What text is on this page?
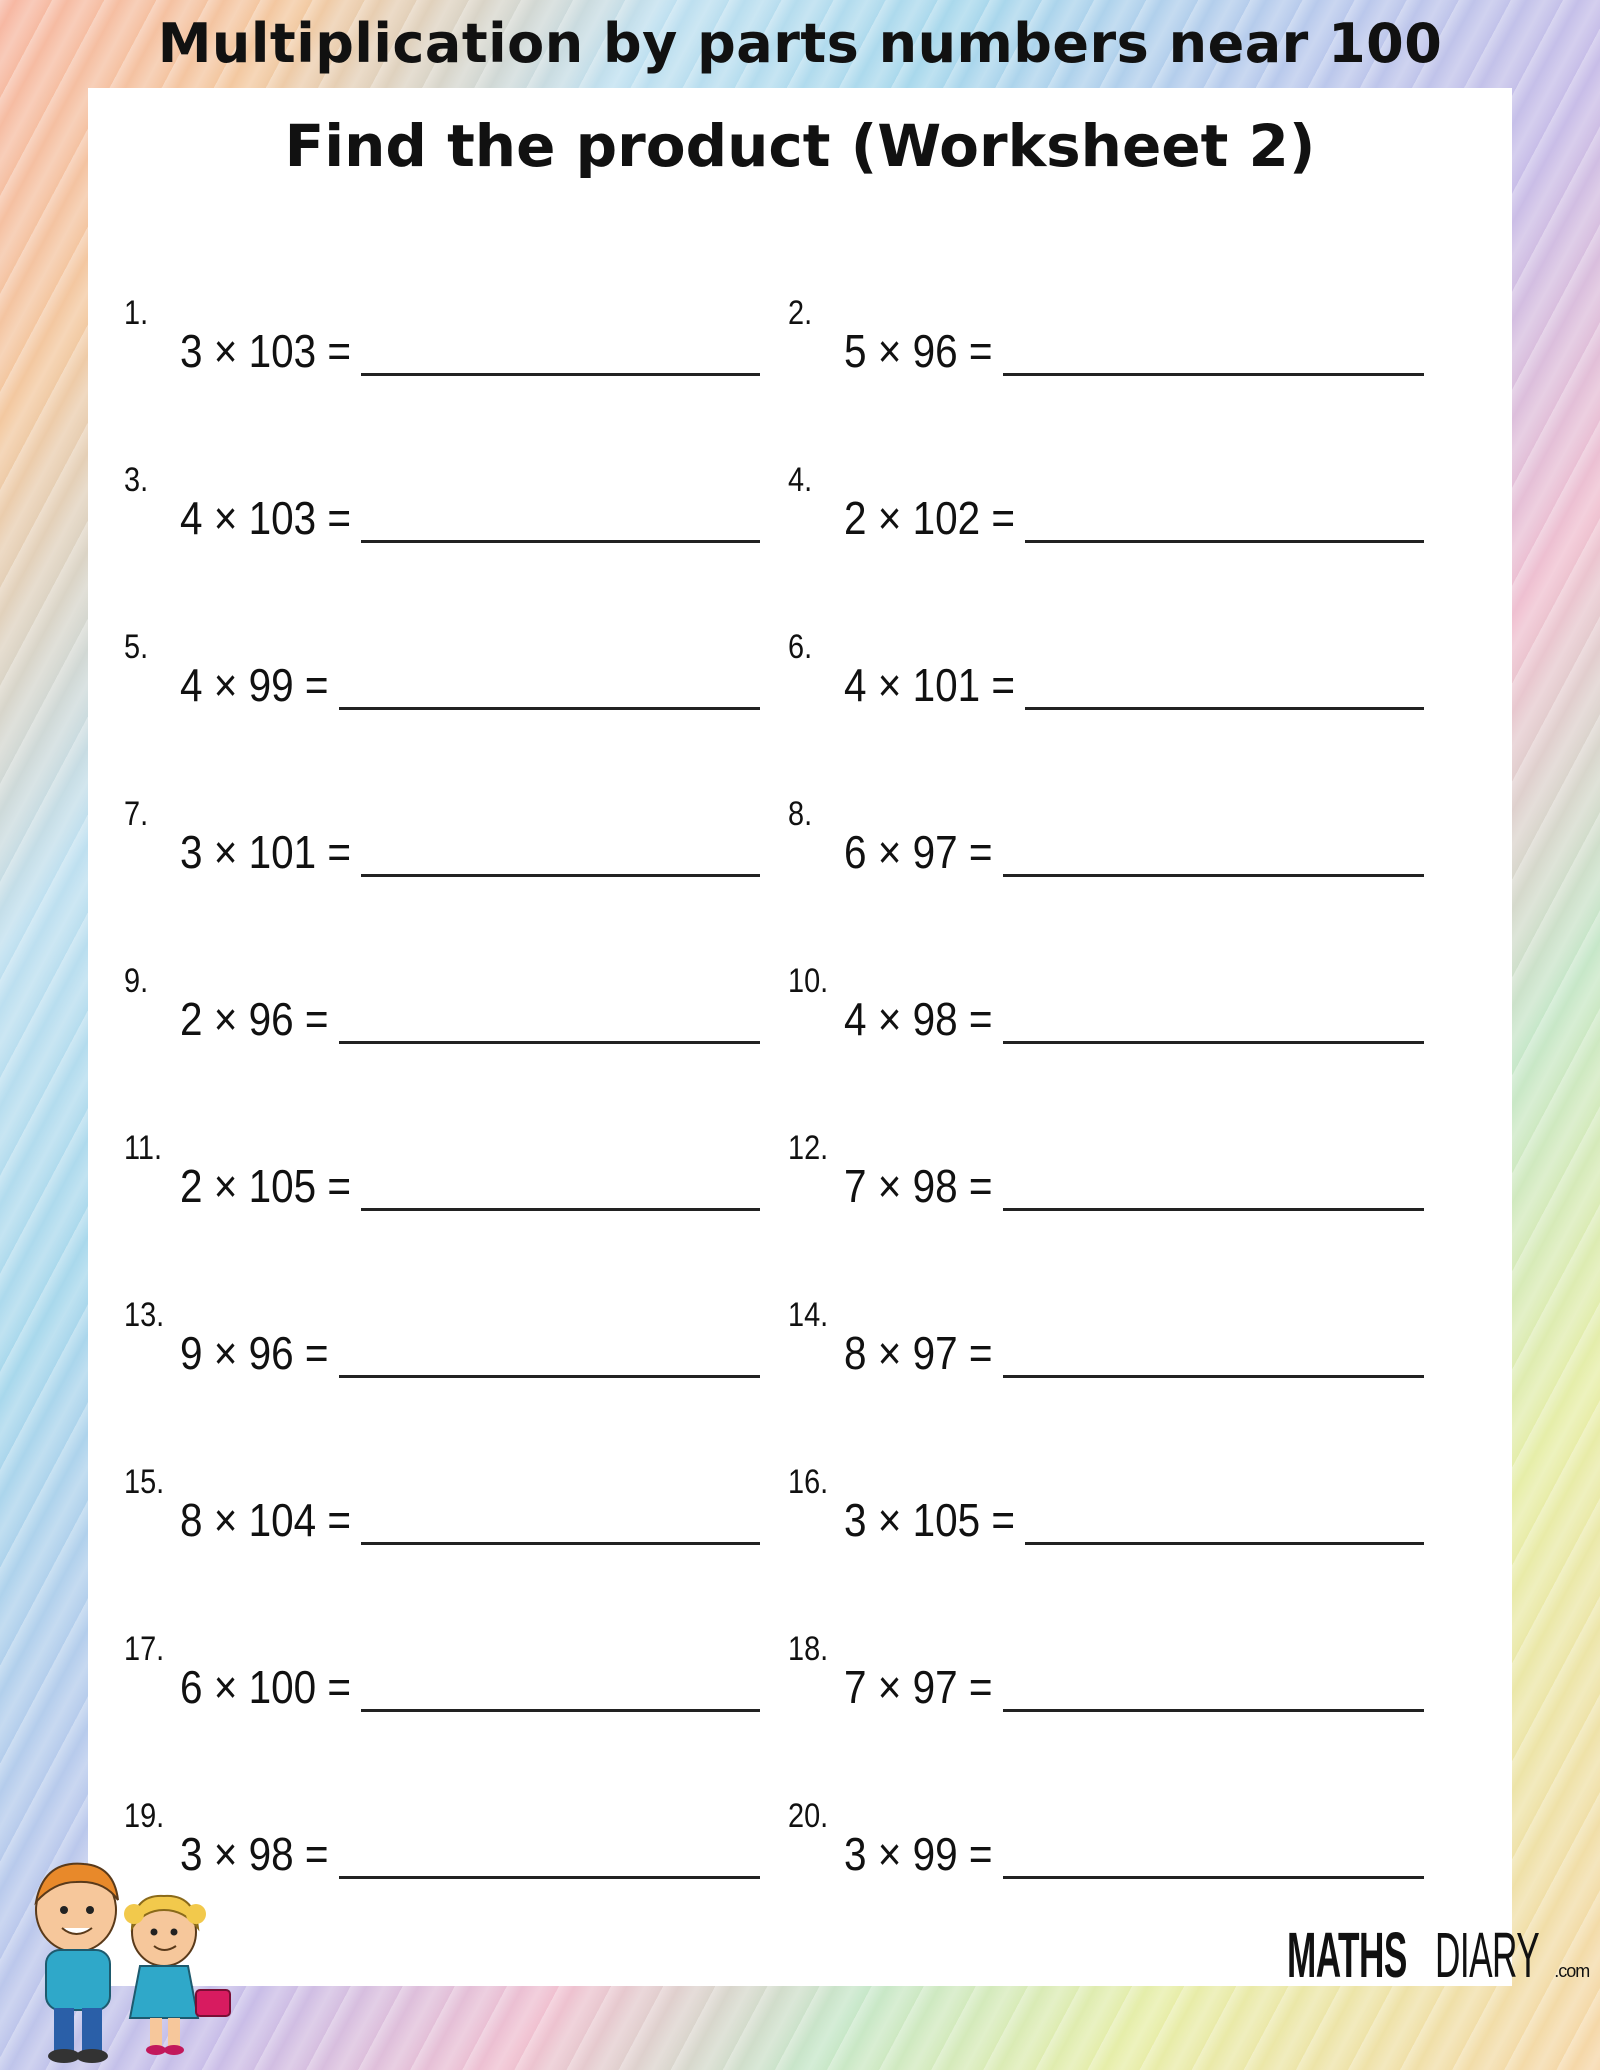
Multiplication by parts numbers near 100
Find the product (Worksheet 2)
1.
3 × 103 =
2.
5 × 96 =
3.
4 × 103 =
4.
2 × 102 =
5.
4 × 99 =
6.
4 × 101 =
7.
3 × 101 =
8.
6 × 97 =
9.
2 × 96 =
10.
4 × 98 =
11.
2 × 105 =
12.
7 × 98 =
13.
9 × 96 =
14.
8 × 97 =
15.
8 × 104 =
16.
3 × 105 =
17.
6 × 100 =
18.
7 × 97 =
19.
3 × 98 =
20.
3 × 99 =
MATHS DIARY .com
